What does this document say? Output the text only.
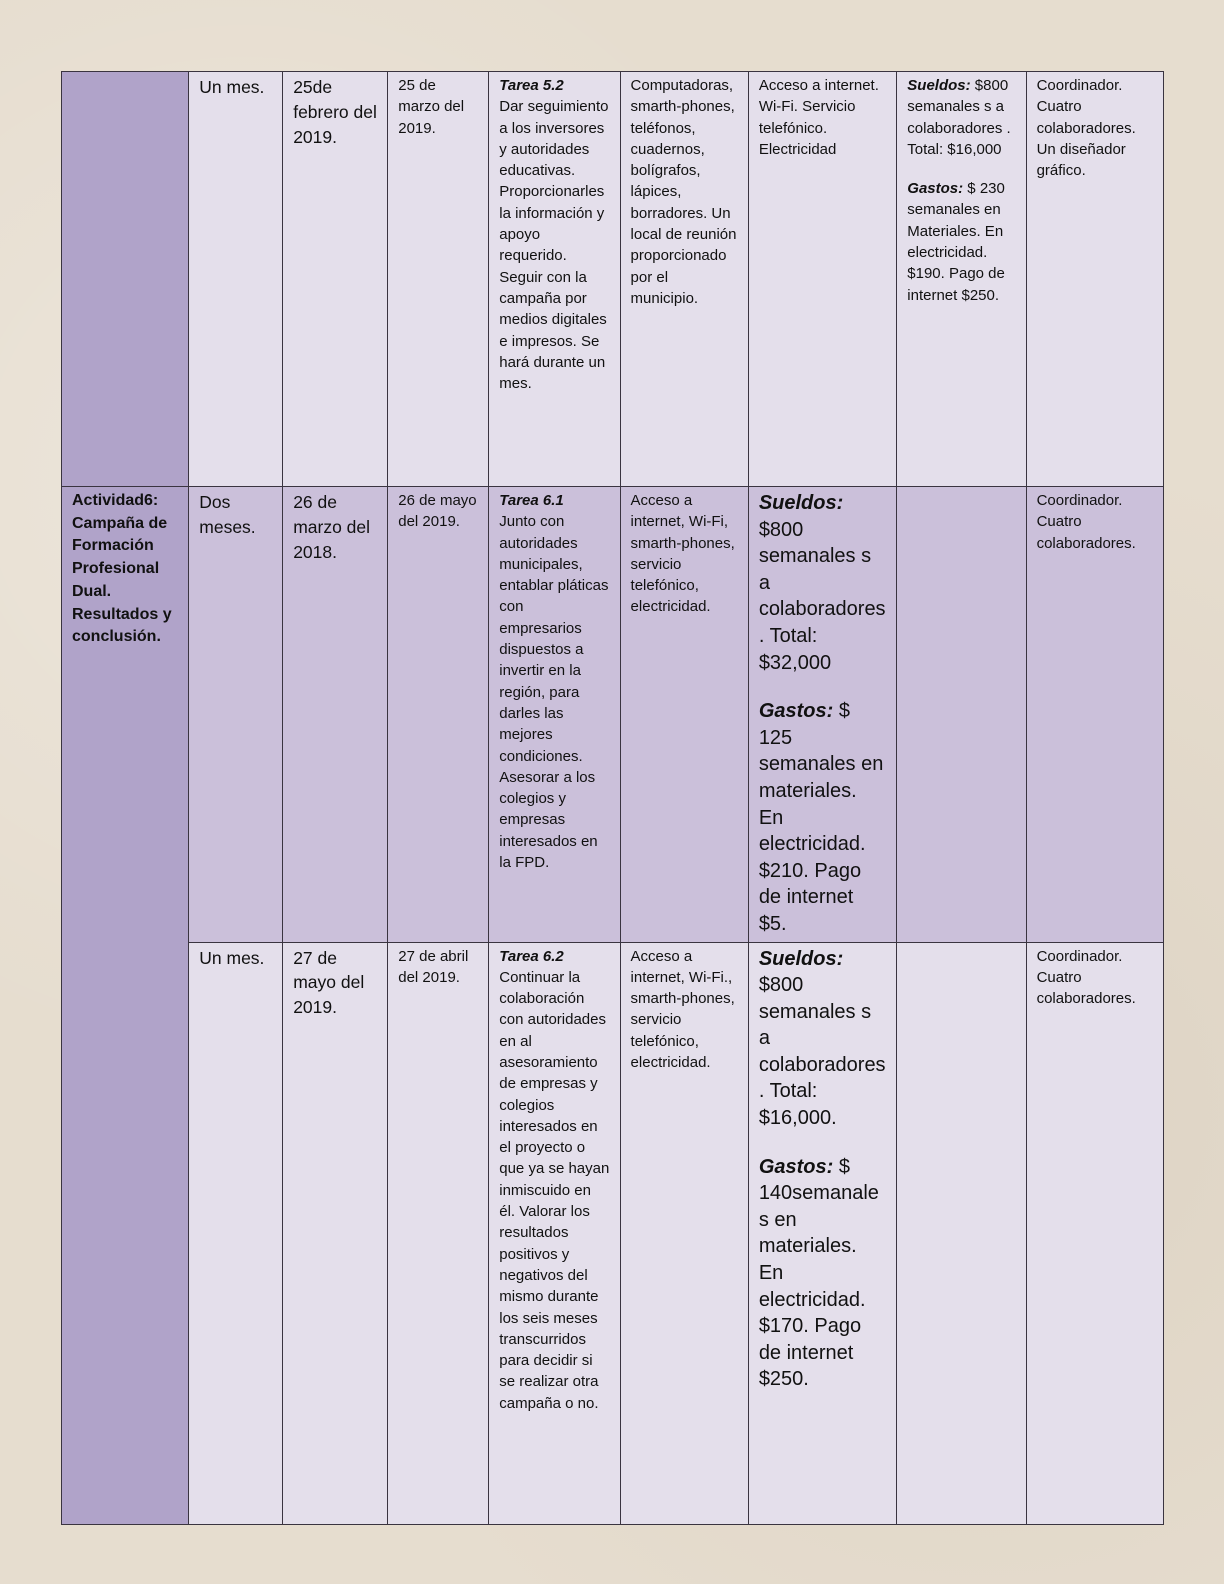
	Un mes.	25de febrero del 2019.	25 de marzo del 2019.	Tarea 5.2
Dar seguimiento a los inversores y autoridades educativas. Proporcionarles la información y apoyo requerido. Seguir con la campaña por medios digitales e impresos. Se hará durante un mes.	Computadoras, smarth-phones, teléfonos, cuadernos, bolígrafos, lápices, borradores. Un local de reunión proporcionado por el municipio.	Acceso a internet. Wi-Fi. Servicio telefónico. Electricidad	Sueldos: $800 semanales s a colaboradores . Total: $16,000
Gastos: $ 230 semanales en Materiales. En electricidad. $190. Pago de internet $250.	Coordinador. Cuatro colaboradores. Un diseñador gráfico.
Actividad6: Campaña de Formación Profesional Dual. Resultados y conclusión.	Dos meses.	26 de marzo del 2018.	26 de mayo del 2019.	Tarea 6.1
Junto con autoridades municipales, entablar pláticas con empresarios dispuestos a invertir en la región, para darles las mejores condiciones. Asesorar a los colegios y empresas interesados en la FPD.	Acceso a internet, Wi-Fi, smarth-phones, servicio telefónico, electricidad.	Sueldos: $800 semanales s a colaboradores. Total: $32,000
Gastos: $ 125 semanales en materiales. En electricidad. $210. Pago de internet $5.		Coordinador. Cuatro colaboradores.
	Un mes.	27 de mayo del 2019.	27 de abril del 2019.	Tarea 6.2
Continuar la colaboración con autoridades en al asesoramiento de empresas y colegios interesados en el proyecto o que ya se hayan inmiscuido en él. Valorar los resultados positivos y negativos del mismo durante los seis meses transcurridos para decidir si se realizar otra campaña o no.	Acceso a internet, Wi-Fi., smarth-phones, servicio telefónico, electricidad.	Sueldos: $800 semanales s a colaboradores. Total: $16,000.
Gastos: $ 140semanales en materiales. En electricidad. $170. Pago de internet $250.		Coordinador. Cuatro colaboradores.
